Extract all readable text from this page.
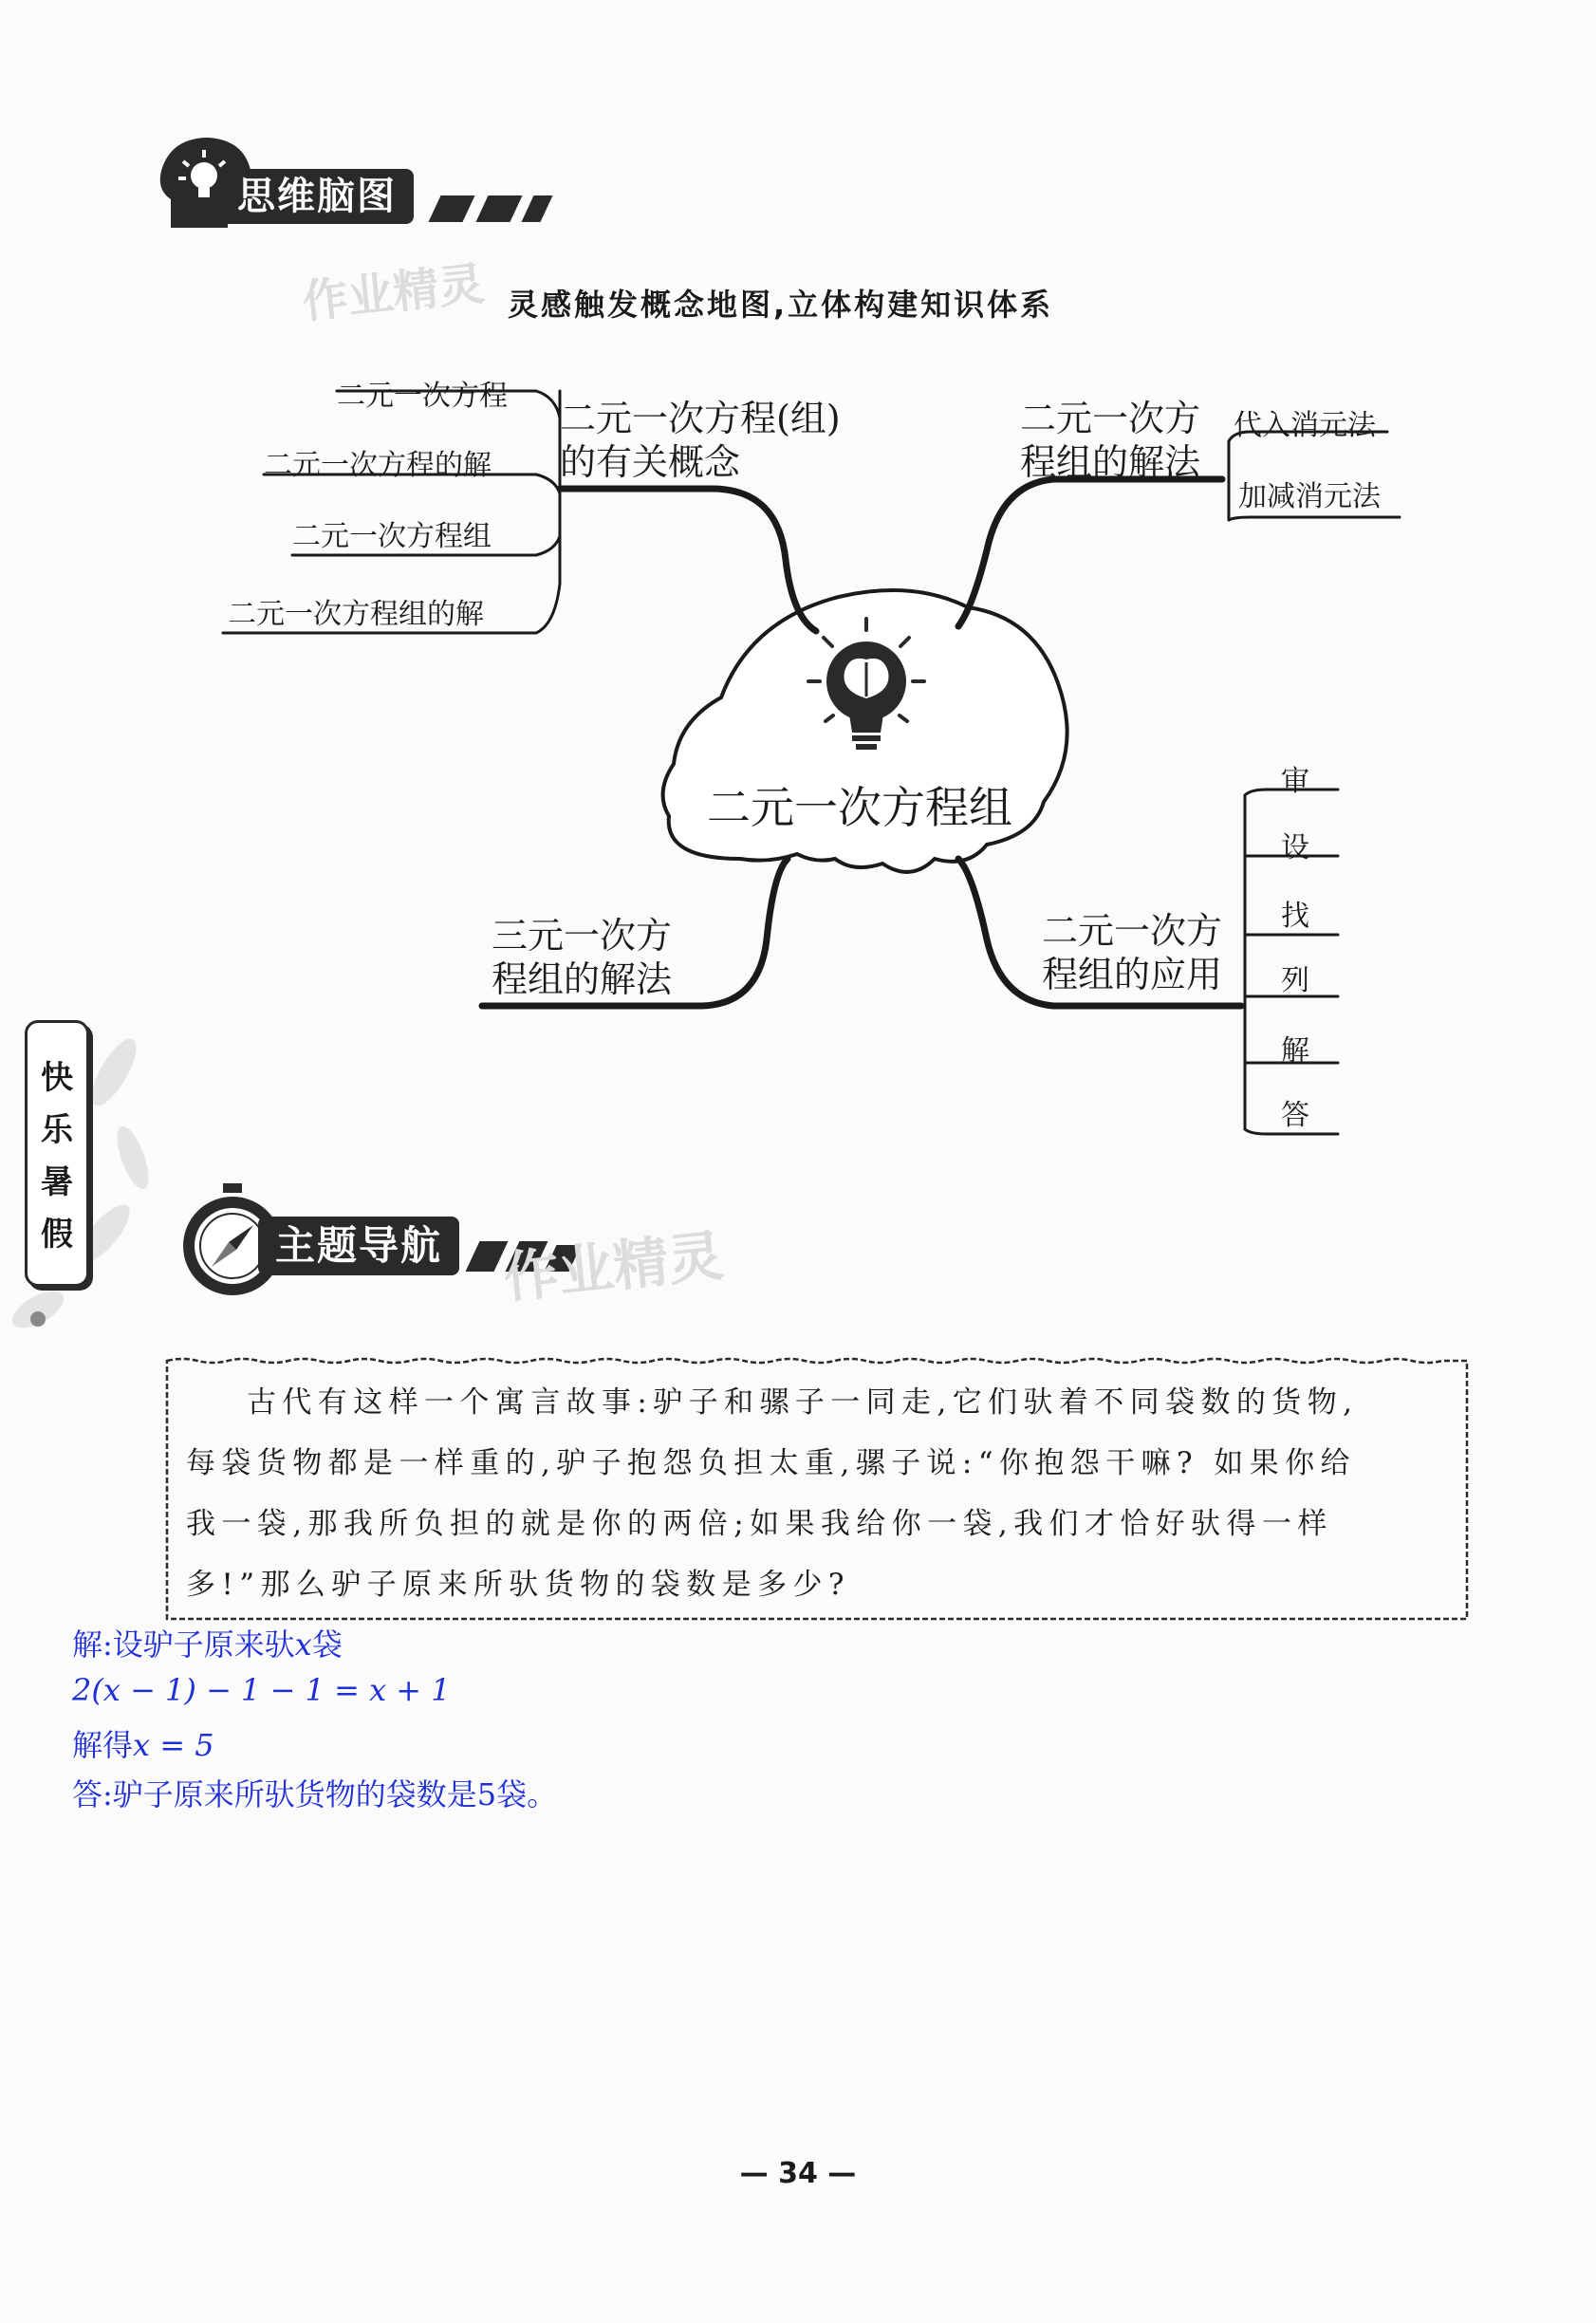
思维脑图
作业精灵 灵感触发概念地图,立体构建知识体系
二元一次方程组
二元一次方程(组)
的有关概念
二元一次方程
二元一次方程的解
二元一次方程组
二元一次方程组的解
二元一次方
程组的解法
代入消元法
加减消元法
三元一次方
程组的解法
二元一次方
程组的应用
审
设
找
列
解
答
快
乐
暑
假	主题导航	作业精灵
古代有这样一个寓言故事:驴子和骡子一同走,它们驮着不同袋数的货物,
每袋货物都是一样重的,驴子抱怨负担太重,骡子说:“你抱怨干嘛? 如果你给
我一袋,那我所负担的就是你的两倍;如果我给你一袋,我们才恰好驮得一样
多!”那么驴子原来所驮货物的袋数是多少?
解:设驴子原来驮x袋
2(x − 1) − 1 − 1 = x + 1
解得x = 5
答:驴子原来所驮货物的袋数是5袋。
— 34 —
